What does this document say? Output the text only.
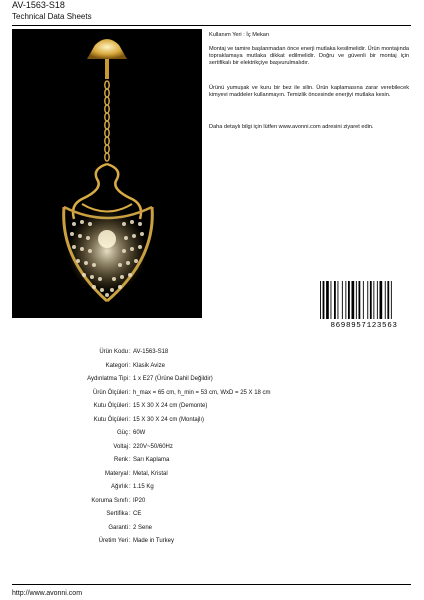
AV-1563-S18
Technical Data Sheets
Kullanım Yeri : İç Mekan
Montaj ve tamire başlanmadan önce enerji mutlaka kesilmelidir. Ürün montajında topraklamaya mutlaka dikkat edilmelidir. Doğru ve güvenli bir montaj için sertifikalı bir elektrikçiye başvurulmalıdır.
Ürünü yumuşak ve kuru bir bez ile silin. Ürün kaplamasına zarar verebilecek kimyevi maddeler kullanmayın. Temizlik öncesinde enerjiyi mutlaka kesin.
Daha detaylı bilgi için lütfen www.avonni.com adresini ziyaret edin.
8698957123563
Ürün Kodu : AV-1563-S18
Kategori : Klasik Avize
Aydınlatma Tipi : 1 x E27 (Ürüne Dahil Değildir)
Ürün Ölçüleri : h_max = 65 cm, h_min = 53 cm, WxD = 25 X 18 cm
Kutu Ölçüleri : 15 X 30 X 24 cm (Demonte)
Kutu Ölçüleri : 15 X 30 X 24 cm (Montajlı)
Güç : 60W
Voltaj : 220V~50/60Hz
Renk : Sarı Kaplama
Materyal : Metal, Kristal
Ağırlık : 1.15 Kg
Koruma Sınıfı : IP20
Sertifika : CE
Garanti : 2 Sene
Üretim Yeri : Made in Turkey
http://www.avonni.com
